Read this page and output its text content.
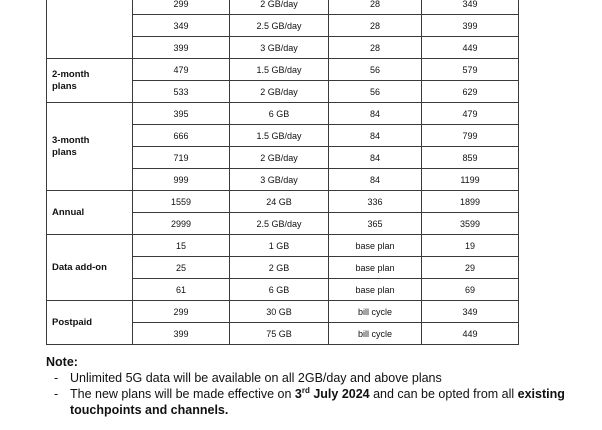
	299	2 GB/day	28	349
	349	2.5 GB/day	28	399
	399	3 GB/day	28	449
2-month
plans	479	1.5 GB/day	56	579
	533	2 GB/day	56	629
3-month
plans	395	6 GB	84	479
	666	1.5 GB/day	84	799
	719	2 GB/day	84	859
	999	3 GB/day	84	1199
Annual	1559	24 GB	336	1899
	2999	2.5 GB/day	365	3599
Data add-on	15	1 GB	base plan	19
	25	2 GB	base plan	29
	61	6 GB	base plan	69
Postpaid	299	30 GB	bill cycle	349
	399	75 GB	bill cycle	449
Note:
- Unlimited 5G data will be available on all 2GB/day and above plans
- The new plans will be made effective on 3rd July 2024 and can be opted from all existing touchpoints and channels.
